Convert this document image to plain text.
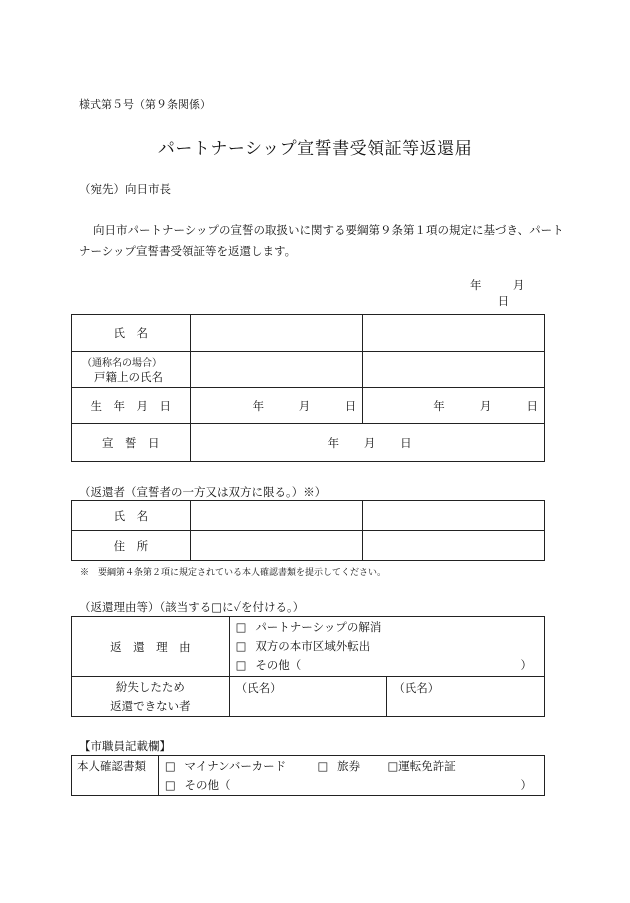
様式第５号（第９条関係）
パートナーシップ宣誓書受領証等返還届
（宛先）向日市長
向日市パートナーシップの宣誓の取扱いに関する要綱第９条第１項の規定に基づき、パートナーシップ宣誓書受領証等を返還します。
年	月  日
氏　名		

（通称名の場合）
戸籍上の氏名		

生　年　月　日	年 月 日	年 月 日

宣　誓　日	年 月 日	
（返還者（宣誓者の一方又は双方に限る。）※）
氏　名		
住　所		
※　要綱第４条第２項に規定されている本人確認書類を提示してください。
（返還理由等）（該当する□に✓を付ける。）
返　還　理　由	□ パートナーシップの解消
□ 双方の本市区域外転出
□ その他（ ）	

紛失したため
返還できない者	（氏名）	（氏名）
【市職員記載欄】
本人確認書類	□ マイナンバーカード	□ 旅券 □運転免許証
□ その他（	）
